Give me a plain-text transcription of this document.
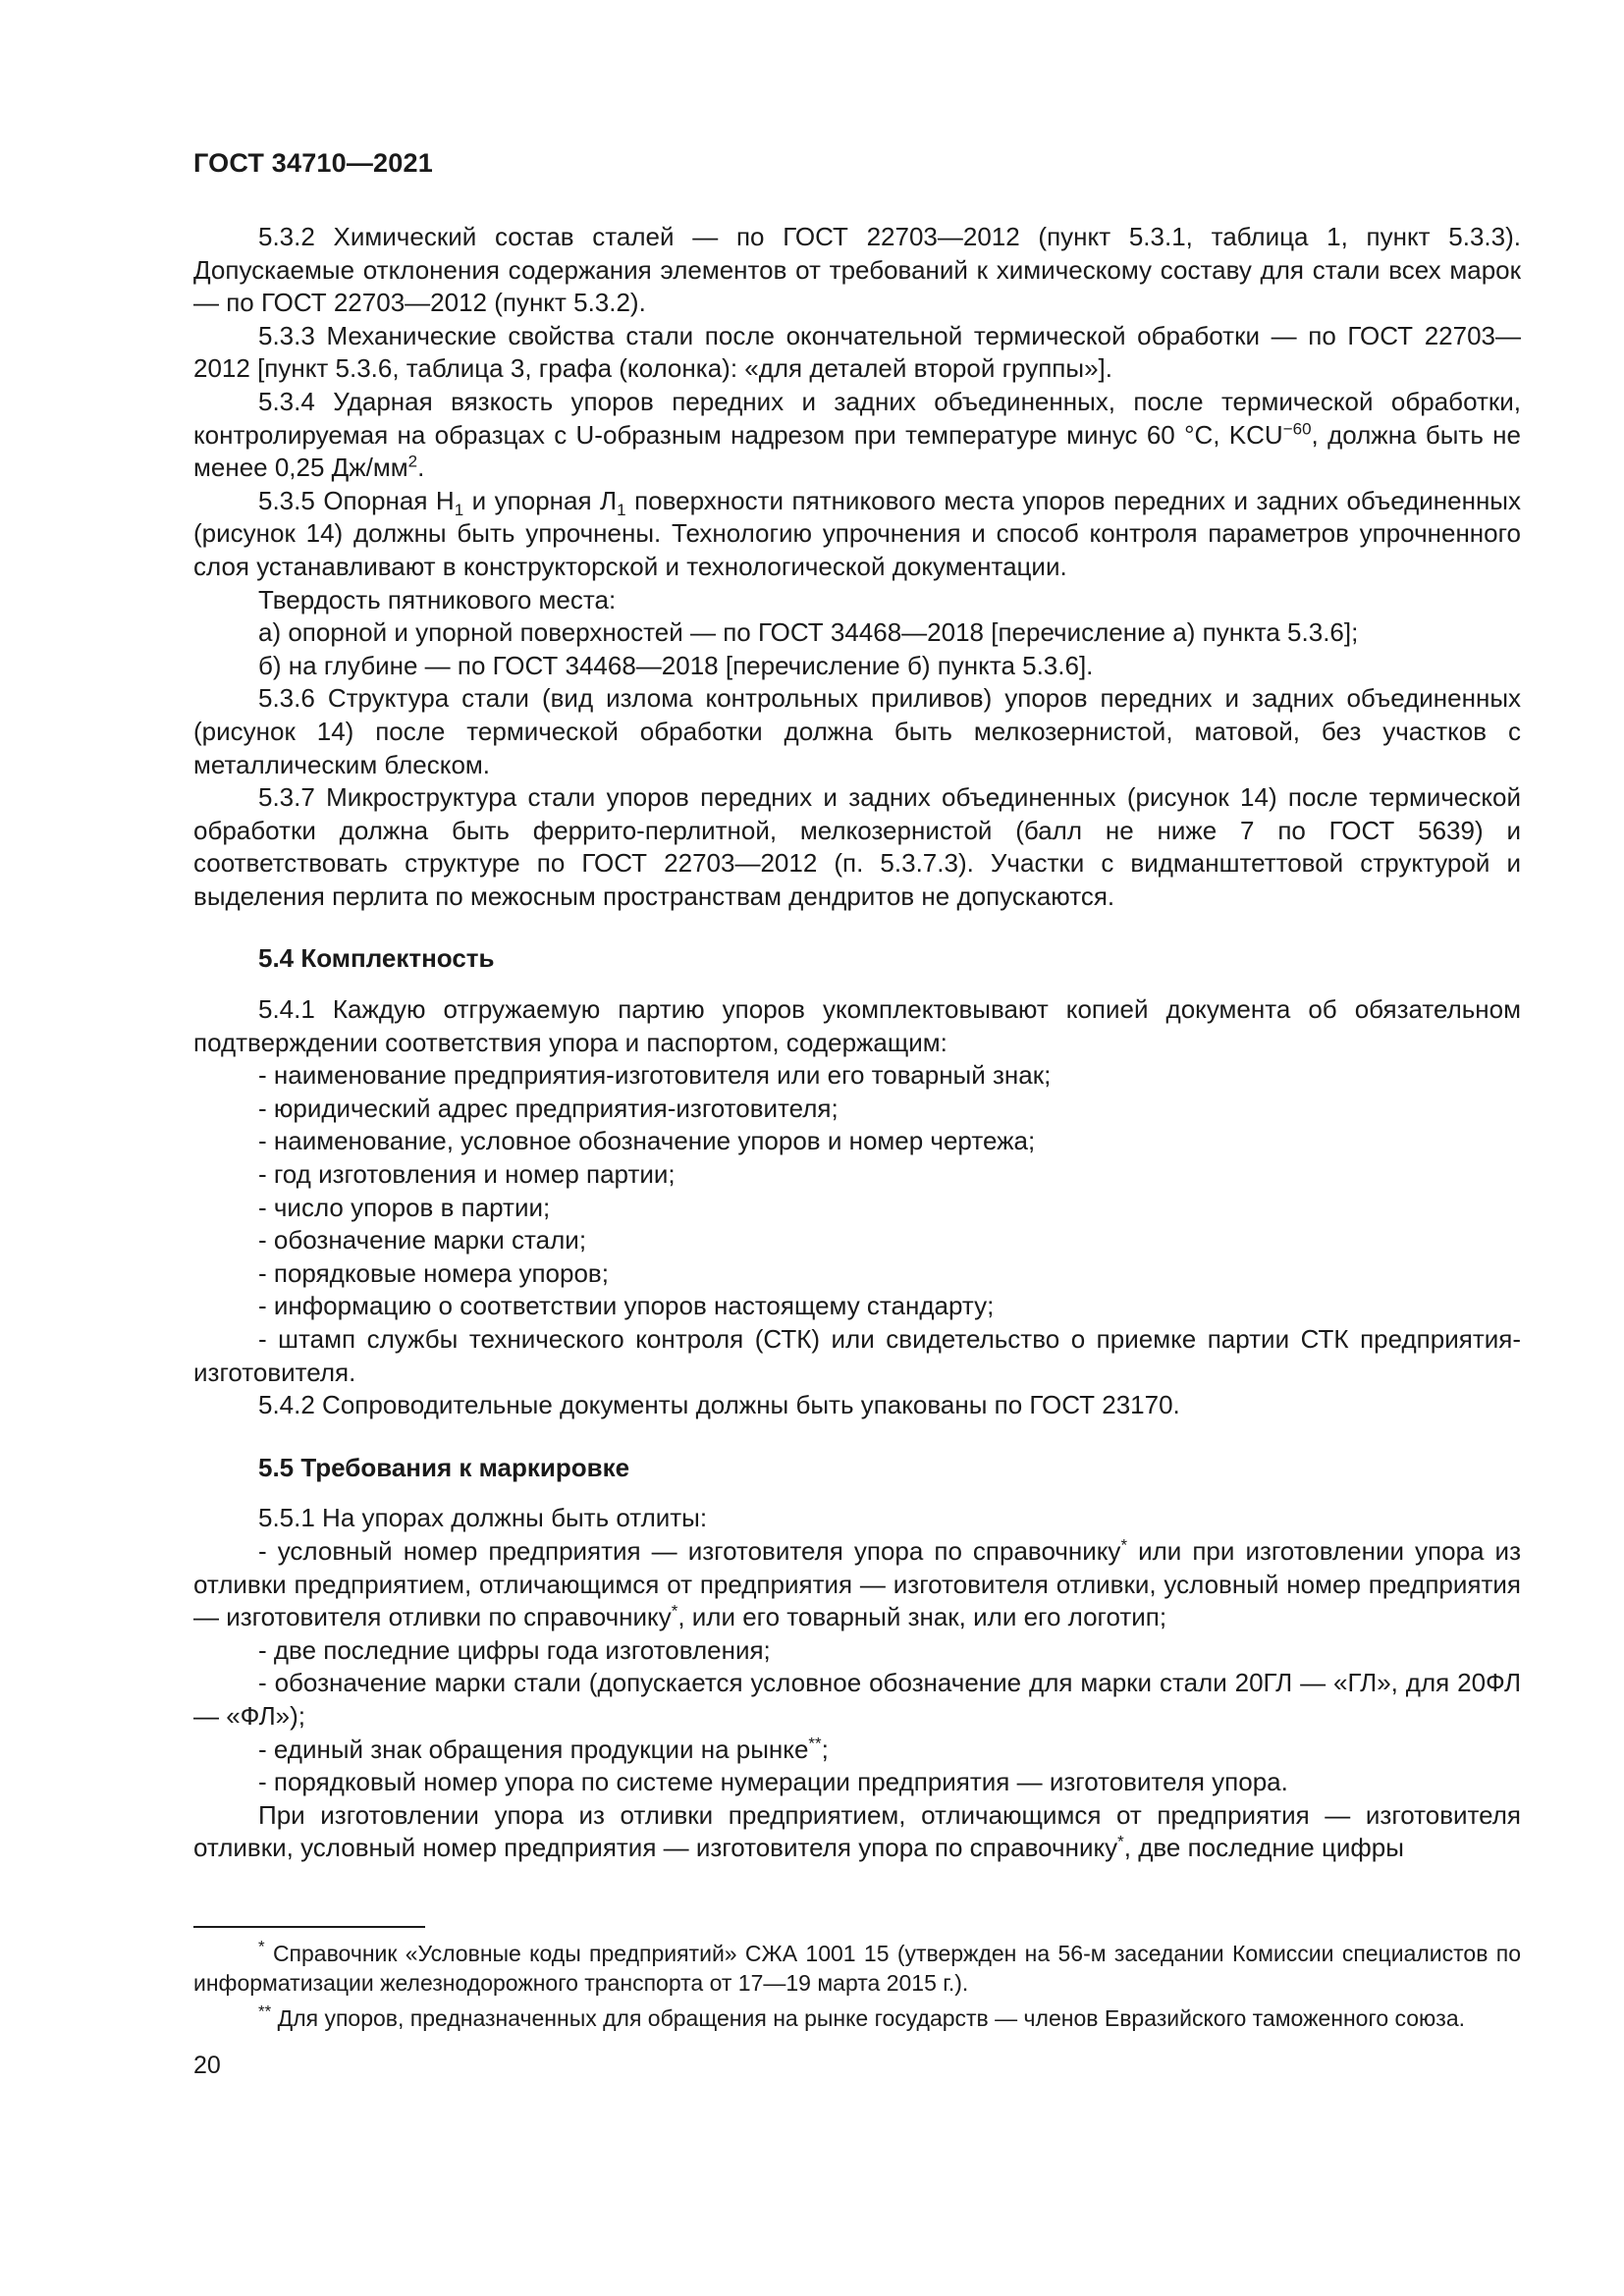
ГОСТ 34710—2021

5.3.2 Химический состав сталей — по ГОСТ 22703—2012 (пункт 5.3.1, таблица 1, пункт 5.3.3). Допускаемые отклонения содержания элементов от требований к химическому составу для стали всех марок — по ГОСТ 22703—2012 (пункт 5.3.2).

5.3.3 Механические свойства стали после окончательной термической обработки — по ГОСТ 22703—2012 [пункт 5.3.6, таблица 3, графа (колонка): «для деталей второй группы»].

5.3.4 Ударная вязкость упоров передних и задних объединенных, после термической обработки, контролируемая на образцах с U-образным надрезом при температуре минус 60 °C, $KCU^{-60}$, должна быть не менее 0,25 $Дж/мм^2$.

5.3.5 Опорная $Н_1$ и упорная $Л_1$ поверхности пятникового места упоров передних и задних объединенных (рисунок 14) должны быть упрочнены. Технологию упрочнения и способ контроля параметров упрочненного слоя устанавливают в конструкторской и технологической документации.

Твердость пятникового места:

а) опорной и упорной поверхностей — по ГОСТ 34468—2018 [перечисление а) пункта 5.3.6];

б) на глубине — по ГОСТ 34468—2018 [перечисление б) пункта 5.3.6].

5.3.6 Структура стали (вид излома контрольных приливов) упоров передних и задних объединенных (рисунок 14) после термической обработки должна быть мелкозернистой, матовой, без участков с металлическим блеском.

5.3.7 Микроструктура стали упоров передних и задних объединенных (рисунок 14) после термической обработки должна быть феррито-перлитной, мелкозернистой (балл не ниже 7 по ГОСТ 5639) и соответствовать структуре по ГОСТ 22703—2012 (п. 5.3.7.3). Участки с видманштеттовой структурой и выделения перлита по межосным пространствам дендритов не допускаются.

5.4 Комплектность

5.4.1 Каждую отгружаемую партию упоров укомплектовывают копией документа об обязательном подтверждении соответствия упора и паспортом, содержащим:

- наименование предприятия-изготовителя или его товарный знак;

- юридический адрес предприятия-изготовителя;

- наименование, условное обозначение упоров и номер чертежа;

- год изготовления и номер партии;

- число упоров в партии;

- обозначение марки стали;

- порядковые номера упоров;

- информацию о соответствии упоров настоящему стандарту;

- штамп службы технического контроля (СТК) или свидетельство о приемке партии СТК предприятия-изготовителя.

5.4.2 Сопроводительные документы должны быть упакованы по ГОСТ 23170.

5.5 Требования к маркировке

5.5.1 На упорах должны быть отлиты:

- условный номер предприятия — изготовителя упора по справочнику* или при изготовлении упора из отливки предприятием, отличающимся от предприятия — изготовителя отливки, условный номер предприятия — изготовителя отливки по справочнику*, или его товарный знак, или его логотип;

- две последние цифры года изготовления;

- обозначение марки стали (допускается условное обозначение для марки стали 20ГЛ — «ГЛ», для 20ФЛ — «ФЛ»);

- единый знак обращения продукции на рынке**;

- порядковый номер упора по системе нумерации предприятия — изготовителя упора.

При изготовлении упора из отливки предприятием, отличающимся от предприятия — изготовителя отливки, условный номер предприятия — изготовителя упора по справочнику*, две последние цифры

* Справочник «Условные коды предприятий» СЖА 1001 15 (утвержден на 56-м заседании Комиссии специалистов по информатизации железнодорожного транспорта от 17—19 марта 2015 г.).

** Для упоров, предназначенных для обращения на рынке государств — членов Евразийского таможенного союза.

20
